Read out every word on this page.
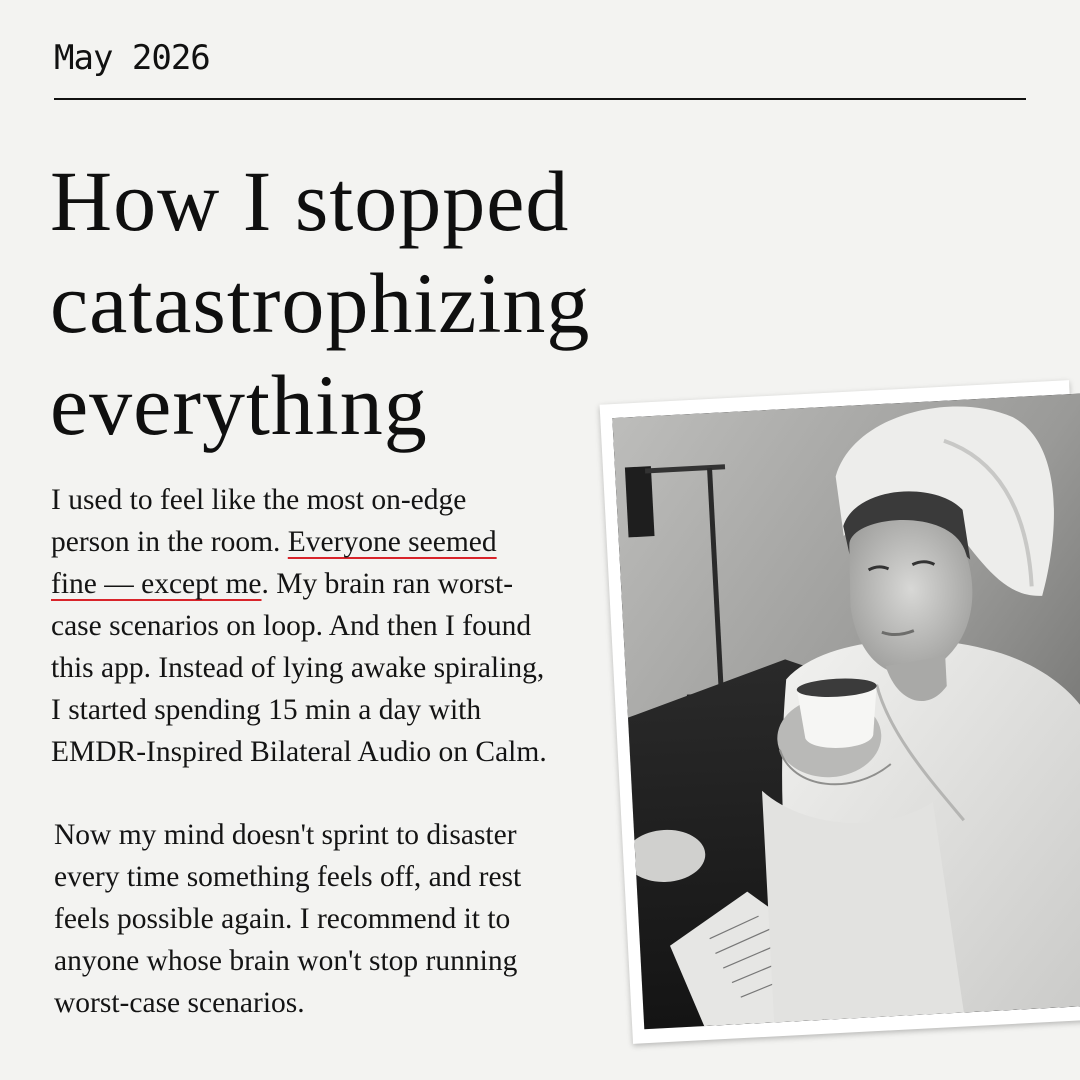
May 2026
How I stopped
catastrophizing
everything

I used to feel like the most on-edge
person in the room. Everyone seemed
fine — except me. My brain ran worst-
case scenarios on loop. And then I found
this app. Instead of lying awake spiraling,
I started spending 15 min a day with
EMDR-Inspired Bilateral Audio on Calm.

Now my mind doesn't sprint to disaster
every time something feels off, and rest
feels possible again. I recommend it to
anyone whose brain won't stop running
worst-case scenarios.
